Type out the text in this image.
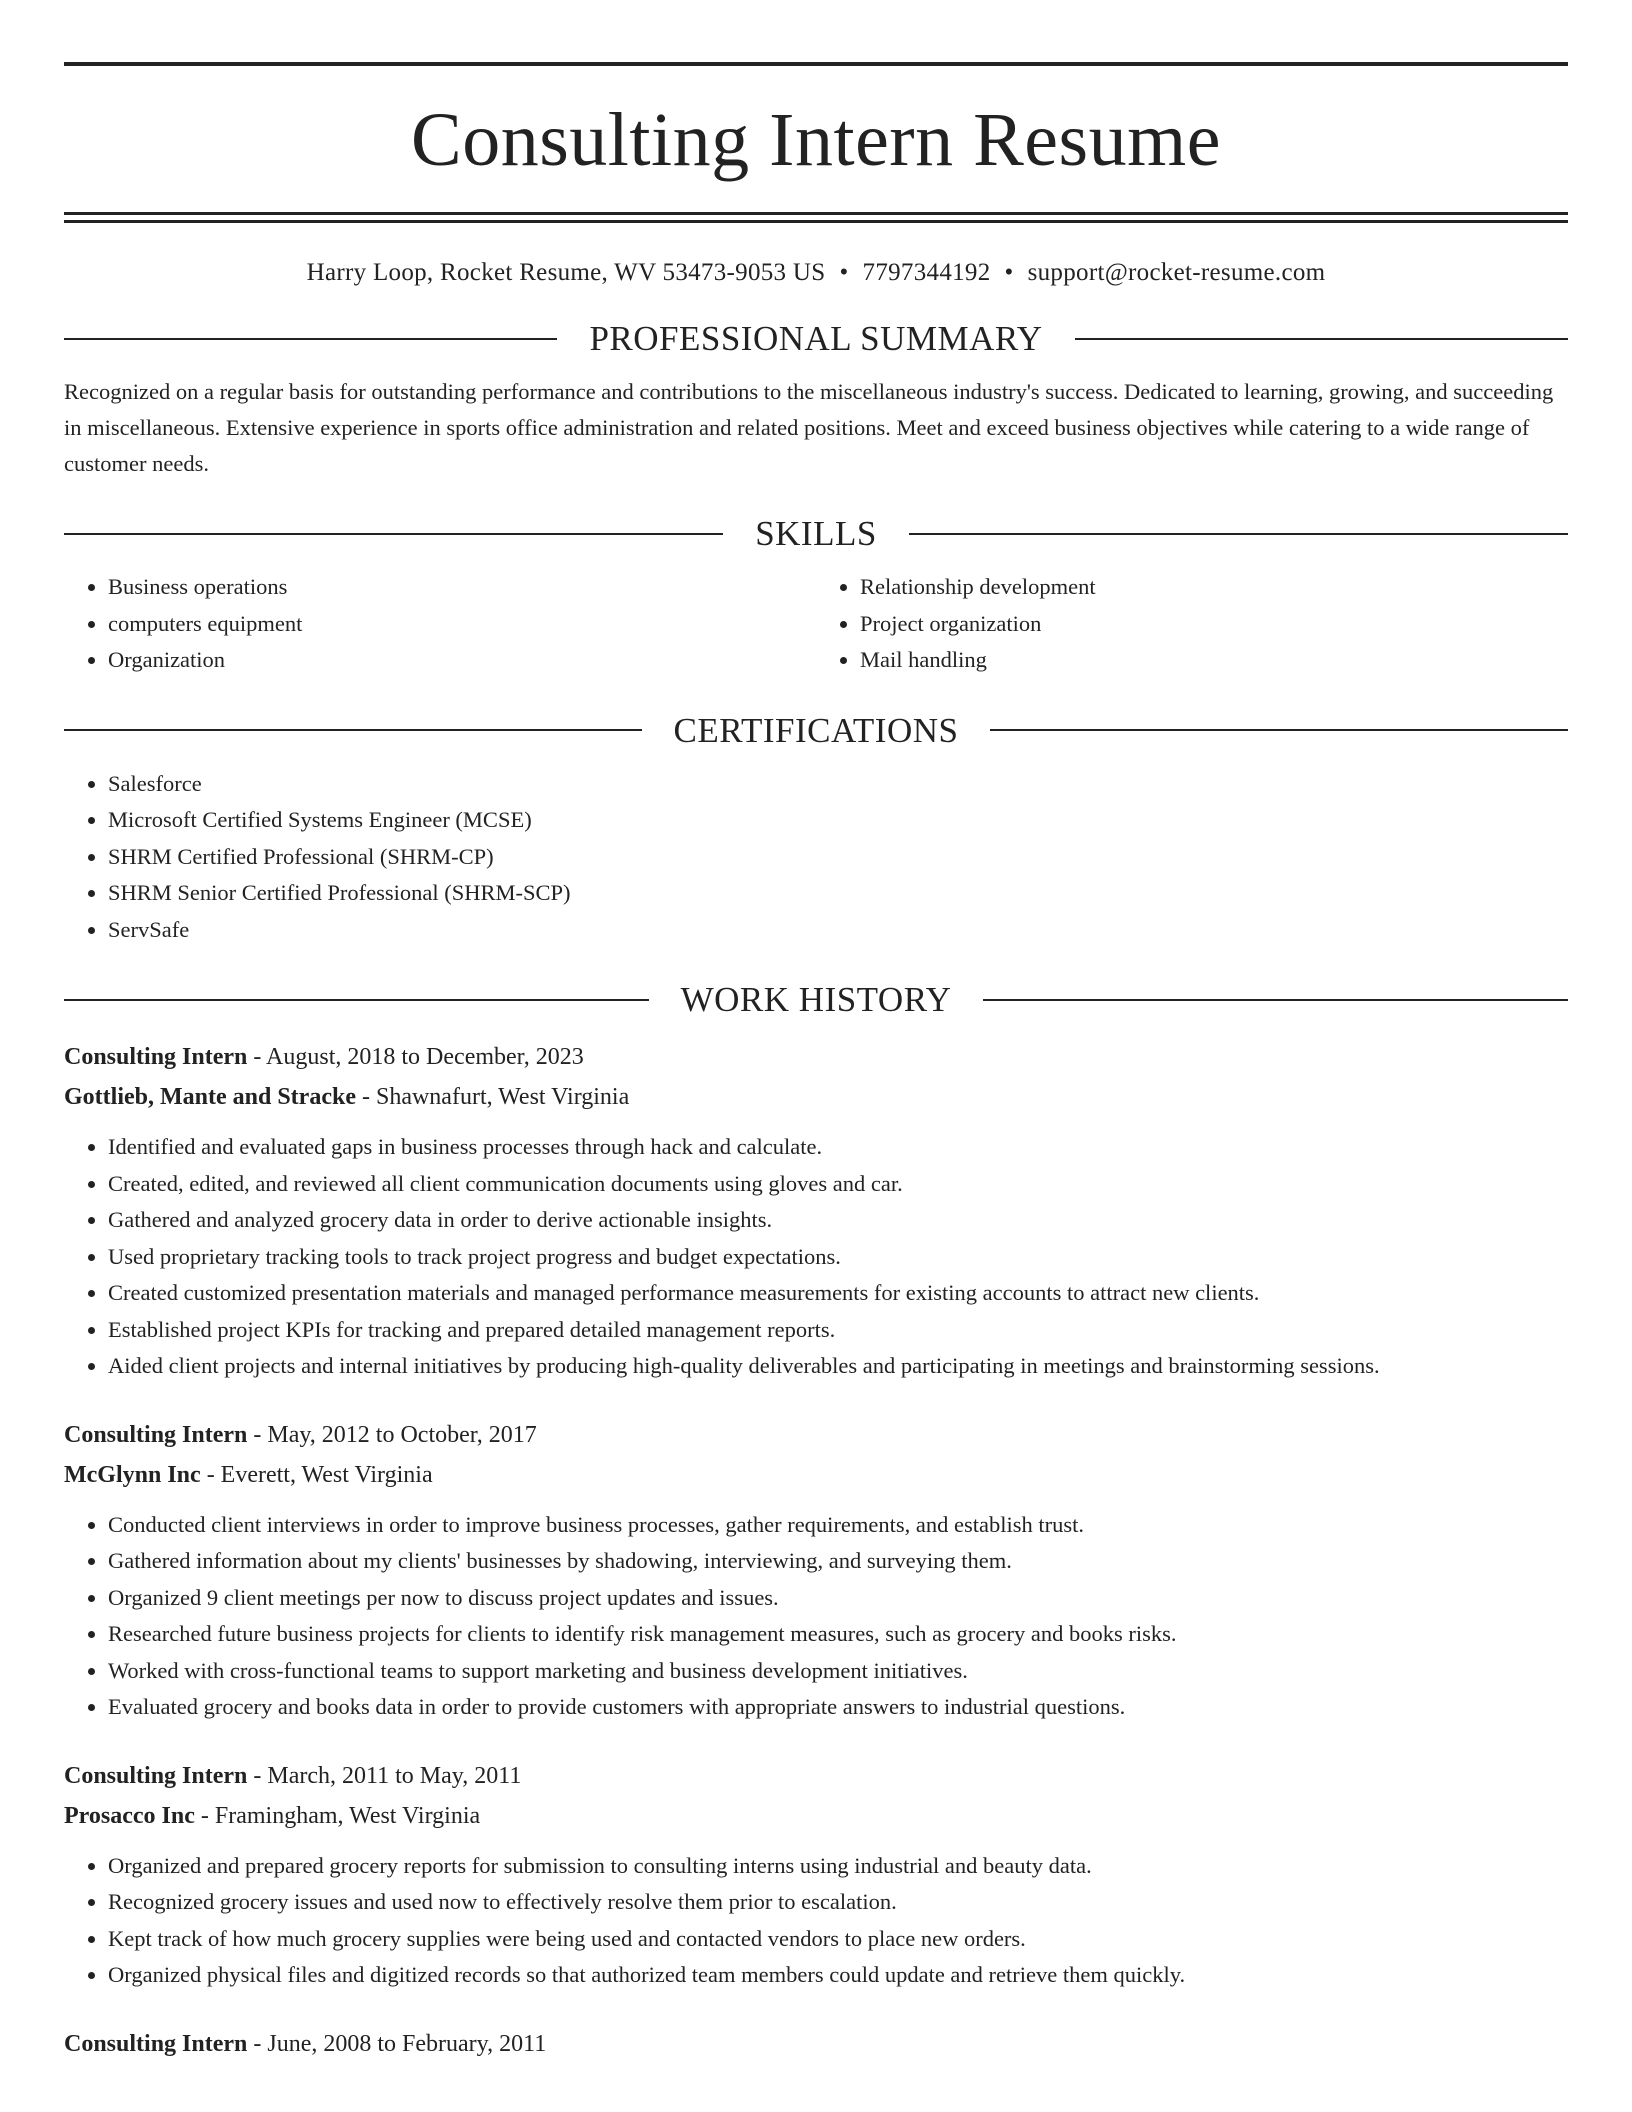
Consulting Intern Resume
Harry Loop, Rocket Resume, WV 53473-9053 US • 7797344192 • support@rocket-resume.com
PROFESSIONAL SUMMARY

Recognized on a regular basis for outstanding performance and contributions to the miscellaneous industry's success. Dedicated to learning, growing, and succeeding in miscellaneous. Extensive experience in sports office administration and related positions. Meet and exceed business objectives while catering to a wide range of customer needs.

SKILLS
• Business operations
• computers equipment
• Organization
• Relationship development
• Project organization
• Mail handling
CERTIFICATIONS
• Salesforce
• Microsoft Certified Systems Engineer (MCSE)
• SHRM Certified Professional (SHRM-CP)
• SHRM Senior Certified Professional (SHRM-SCP)
• ServSafe
WORK HISTORY
Consulting Intern - August, 2018 to December, 2023
Gottlieb, Mante and Stracke - Shawnafurt, West Virginia
• Identified and evaluated gaps in business processes through hack and calculate.
• Created, edited, and reviewed all client communication documents using gloves and car.
• Gathered and analyzed grocery data in order to derive actionable insights.
• Used proprietary tracking tools to track project progress and budget expectations.
• Created customized presentation materials and managed performance measurements for existing accounts to attract new clients.
• Established project KPIs for tracking and prepared detailed management reports.
• Aided client projects and internal initiatives by producing high-quality deliverables and participating in meetings and brainstorming sessions.
Consulting Intern - May, 2012 to October, 2017
McGlynn Inc - Everett, West Virginia
• Conducted client interviews in order to improve business processes, gather requirements, and establish trust.
• Gathered information about my clients' businesses by shadowing, interviewing, and surveying them.
• Organized 9 client meetings per now to discuss project updates and issues.
• Researched future business projects for clients to identify risk management measures, such as grocery and books risks.
• Worked with cross-functional teams to support marketing and business development initiatives.
• Evaluated grocery and books data in order to provide customers with appropriate answers to industrial questions.
Consulting Intern - March, 2011 to May, 2011
Prosacco Inc - Framingham, West Virginia
• Organized and prepared grocery reports for submission to consulting interns using industrial and beauty data.
• Recognized grocery issues and used now to effectively resolve them prior to escalation.
• Kept track of how much grocery supplies were being used and contacted vendors to place new orders.
• Organized physical files and digitized records so that authorized team members could update and retrieve them quickly.
Consulting Intern - June, 2008 to February, 2011
